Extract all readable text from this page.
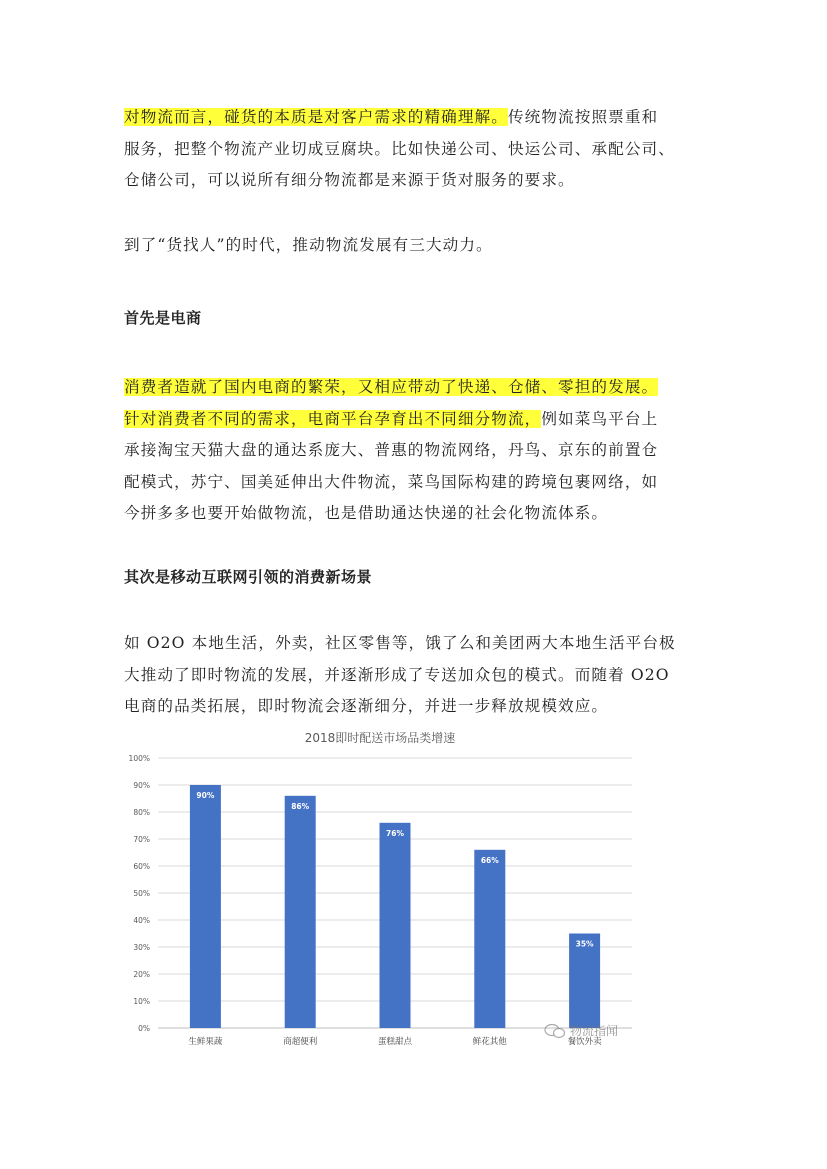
对物流而言，碰货的本质是对客户需求的精确理解。传统物流按照票重和
服务，把整个物流产业切成豆腐块。比如快递公司、快运公司、承配公司、
仓储公司，可以说所有细分物流都是来源于货对服务的要求。

到了“货找人”的时代，推动物流发展有三大动力。

首先是电商

消费者造就了国内电商的繁荣，又相应带动了快递、仓储、零担的发展。
针对消费者不同的需求，电商平台孕育出不同细分物流，例如菜鸟平台上
承接淘宝天猫大盘的通达系庞大、普惠的物流网络，丹鸟、京东的前置仓
配模式，苏宁、国美延伸出大件物流，菜鸟国际构建的跨境包裹网络，如
今拼多多也要开始做物流，也是借助通达快递的社会化物流体系。

其次是移动互联网引领的消费新场景

如 O2O 本地生活，外卖，社区零售等，饿了么和美团两大本地生活平台极
大推动了即时物流的发展，并逐渐形成了专送加众包的模式。而随着 O2O
电商的品类拓展，即时物流会逐渐细分，并进一步释放规模效应。

2018即时配送市场品类增速
0%
10%
20%
30%
40%
50%
60%
70%
80%
90%
100%
90%
86%
76%
66%
35%
生鲜果蔬	商超便利	蛋糕甜点	鲜花其他	餐饮外卖
物流指闻
